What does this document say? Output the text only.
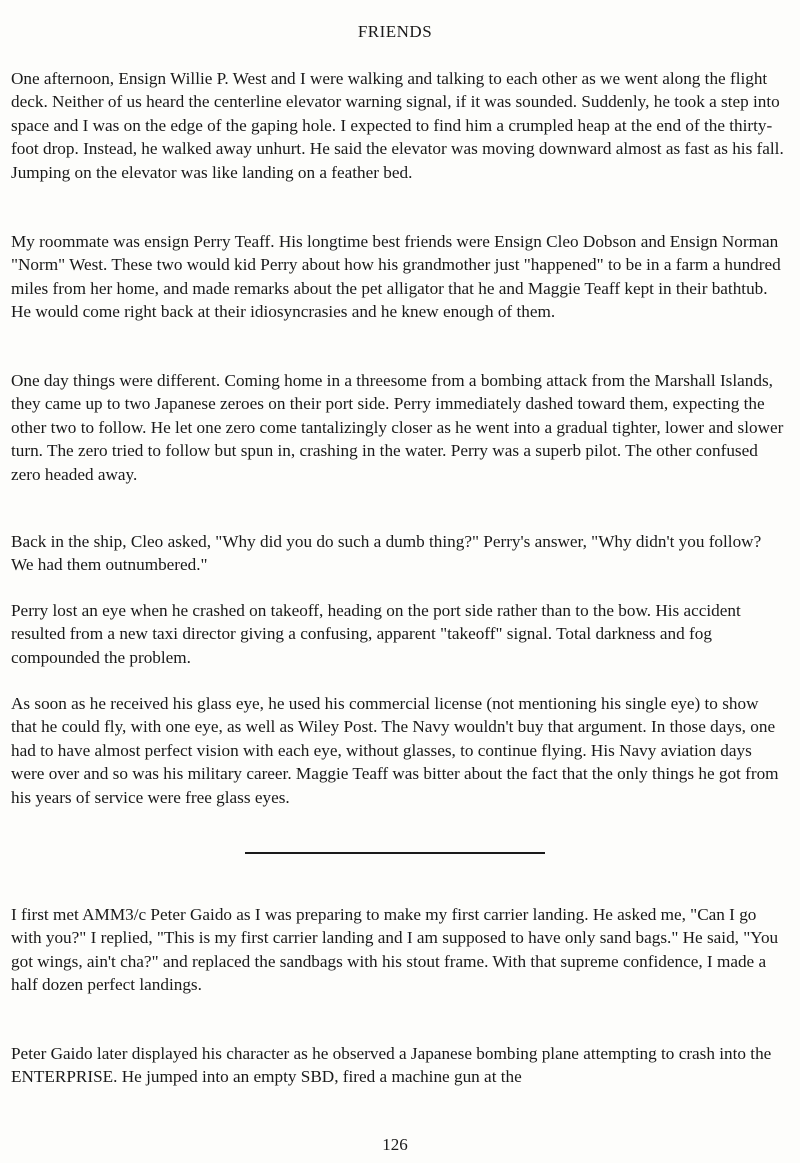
FRIENDS

One afternoon, Ensign Willie P. West and I were walking and talking to each other as we went along the flight deck. Neither of us heard the centerline elevator warning signal, if it was sounded. Suddenly, he took a step into space and I was on the edge of the gaping hole. I expected to find him a crumpled heap at the end of the thirty-foot drop. Instead, he walked away unhurt. He said the elevator was moving downward almost as fast as his fall. Jumping on the elevator was like landing on a feather bed.

My roommate was ensign Perry Teaff. His longtime best friends were Ensign Cleo Dobson and Ensign Norman "Norm" West. These two would kid Perry about how his grandmother just "happened" to be in a farm a hundred miles from her home, and made remarks about the pet alligator that he and Maggie Teaff kept in their bathtub. He would come right back at their idiosyncrasies and he knew enough of them.

One day things were different. Coming home in a threesome from a bombing attack from the Marshall Islands, they came up to two Japanese zeroes on their port side. Perry immediately dashed toward them, expecting the other two to follow. He let one zero come tantalizingly closer as he went into a gradual tighter, lower and slower turn. The zero tried to follow but spun in, crashing in the water. Perry was a superb pilot. The other confused zero headed away.

Back in the ship, Cleo asked, "Why did you do such a dumb thing?" Perry's answer, "Why didn't you follow? We had them outnumbered."

Perry lost an eye when he crashed on takeoff, heading on the port side rather than to the bow. His accident resulted from a new taxi director giving a confusing, apparent "takeoff" signal. Total darkness and fog compounded the problem.

As soon as he received his glass eye, he used his commercial license (not mentioning his single eye) to show that he could fly, with one eye, as well as Wiley Post. The Navy wouldn't buy that argument. In those days, one had to have almost perfect vision with each eye, without glasses, to continue flying. His Navy aviation days were over and so was his military career. Maggie Teaff was bitter about the fact that the only things he got from his years of service were free glass eyes.

I first met AMM3/c Peter Gaido as I was preparing to make my first carrier landing. He asked me, "Can I go with you?" I replied, "This is my first carrier landing and I am supposed to have only sand bags." He said, "You got wings, ain't cha?" and replaced the sandbags with his stout frame. With that supreme confidence, I made a half dozen perfect landings.

Peter Gaido later displayed his character as he observed a Japanese bombing plane attempting to crash into the ENTERPRISE. He jumped into an empty SBD, fired a machine gun at the

126
